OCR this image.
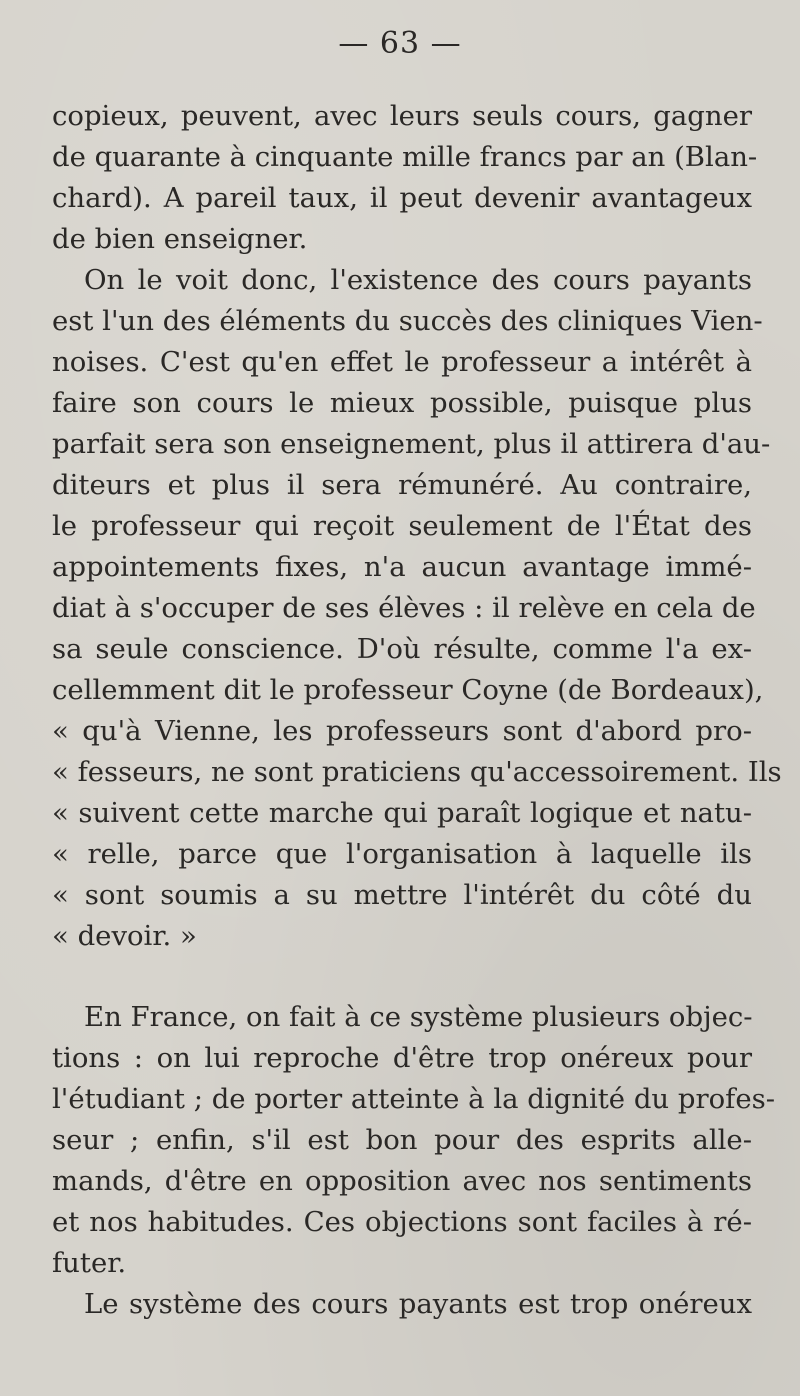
— 63 —
copieux, peuvent, avec leurs seuls cours, gagner
de quarante à cinquante mille francs par an (Blan-
chard). A pareil taux, il peut devenir avantageux
de bien enseigner.
On le voit donc, l'existence des cours payants
est l'un des éléments du succès des cliniques Vien-
noises. C'est qu'en effet le professeur a intérêt à
faire son cours le mieux possible, puisque plus
parfait sera son enseignement, plus il attirera d'au-
diteurs et plus il sera rémunéré. Au contraire,
le professeur qui reçoit seulement de l'État des
appointements fixes, n'a aucun avantage immé-
diat à s'occuper de ses élèves : il relève en cela de
sa seule conscience. D'où résulte, comme l'a ex-
cellemment dit le professeur Coyne (de Bordeaux),
« qu'à Vienne, les professeurs sont d'abord pro-
« fesseurs, ne sont praticiens qu'accessoirement. Ils
« suivent cette marche qui paraît logique et natu-
« relle, parce que l'organisation à laquelle ils
« sont soumis a su mettre l'intérêt du côté du
« devoir. »
En France, on fait à ce système plusieurs objec-
tions : on lui reproche d'être trop onéreux pour
l'étudiant ; de porter atteinte à la dignité du profes-
seur ; enfin, s'il est bon pour des esprits alle-
mands, d'être en opposition avec nos sentiments
et nos habitudes. Ces objections sont faciles à ré-
futer.
Le système des cours payants est trop onéreux
